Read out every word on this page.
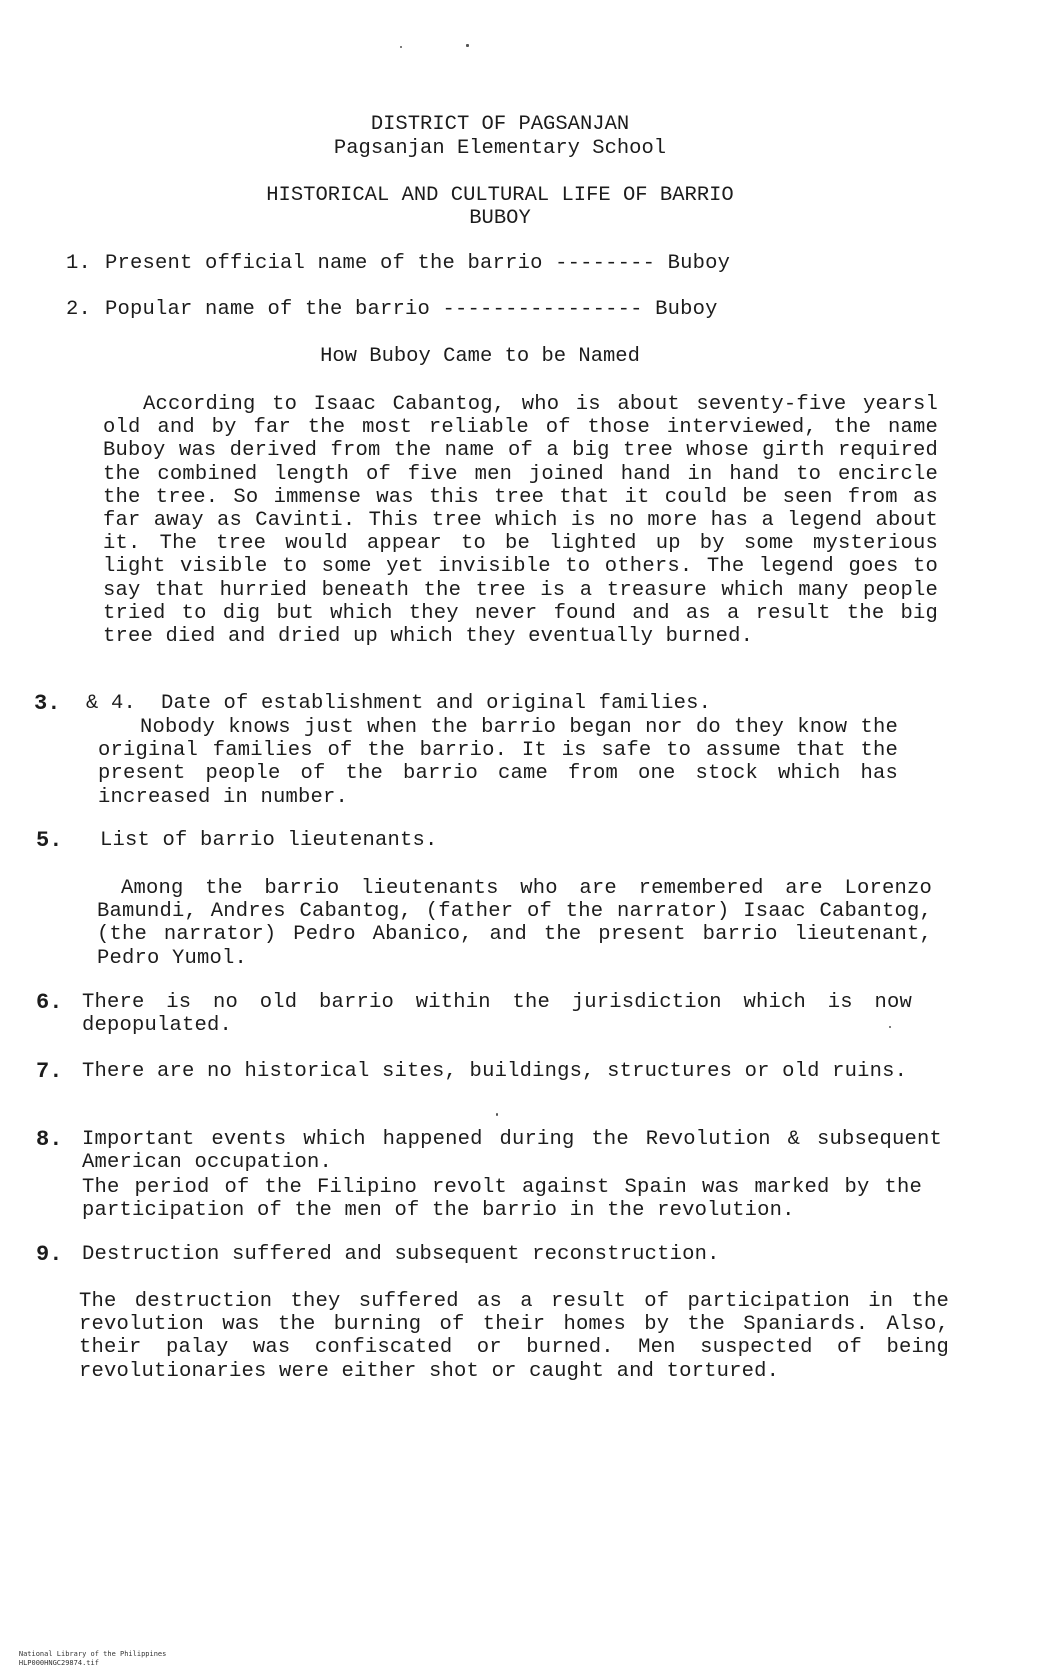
DISTRICT OF PAGSANJAN
Pagsanjan Elementary School
HISTORICAL AND CULTURAL LIFE OF BARRIO
BUBOY
1. Present official name of the barrio -------- Buboy
2. Popular name of the barrio ---------------- Buboy
How Buboy Came to be Named
According to Isaac Cabantog, who is about seventy-five yearsl old and by far the most reliable of those interviewed, the name Buboy was derived from the name of a big tree whose girth required the combined length of five men joined hand in hand to encircle the tree. So immense was this tree that it could be seen from as far away as Cavinti. This tree which is no more has a legend about it. The tree would appear to be lighted up by some mysterious light visible to some yet invisible to others. The legend goes to say that hurried beneath the tree is a treasure which many people tried to dig but which they never found and as a result the big tree died and dried up which they eventually burned.
3. & 4.  Date of establishment and original families.
Nobody knows just when the barrio began nor do they know the original families of the barrio. It is safe to assume that the present people of the barrio came from one stock which has increased in number.
5. List of barrio lieutenants.
Among the barrio lieutenants who are remembered are Lorenzo Bamundi, Andres Cabantog, (father of the narrator) Isaac Cabantog, (the narrator) Pedro Abanico, and the present barrio lieutenant, Pedro Yumol.
6. There is no old barrio within the jurisdiction which is now depopulated.
7. There are no historical sites, buildings, structures or old ruins.
8. Important events which happened during the Revolution & subsequent American occupation.
The period of the Filipino revolt against Spain was marked by the participation of the men of the barrio in the revolution.
9. Destruction suffered and subsequent reconstruction.
The destruction they suffered as a result of participation in the revolution was the burning of their homes by the Spaniards. Also, their palay was confiscated or burned. Men suspected of being revolutionaries were either shot or caught and tortured.

National Library of the Philippines
HLP000HNGC29874.tif
